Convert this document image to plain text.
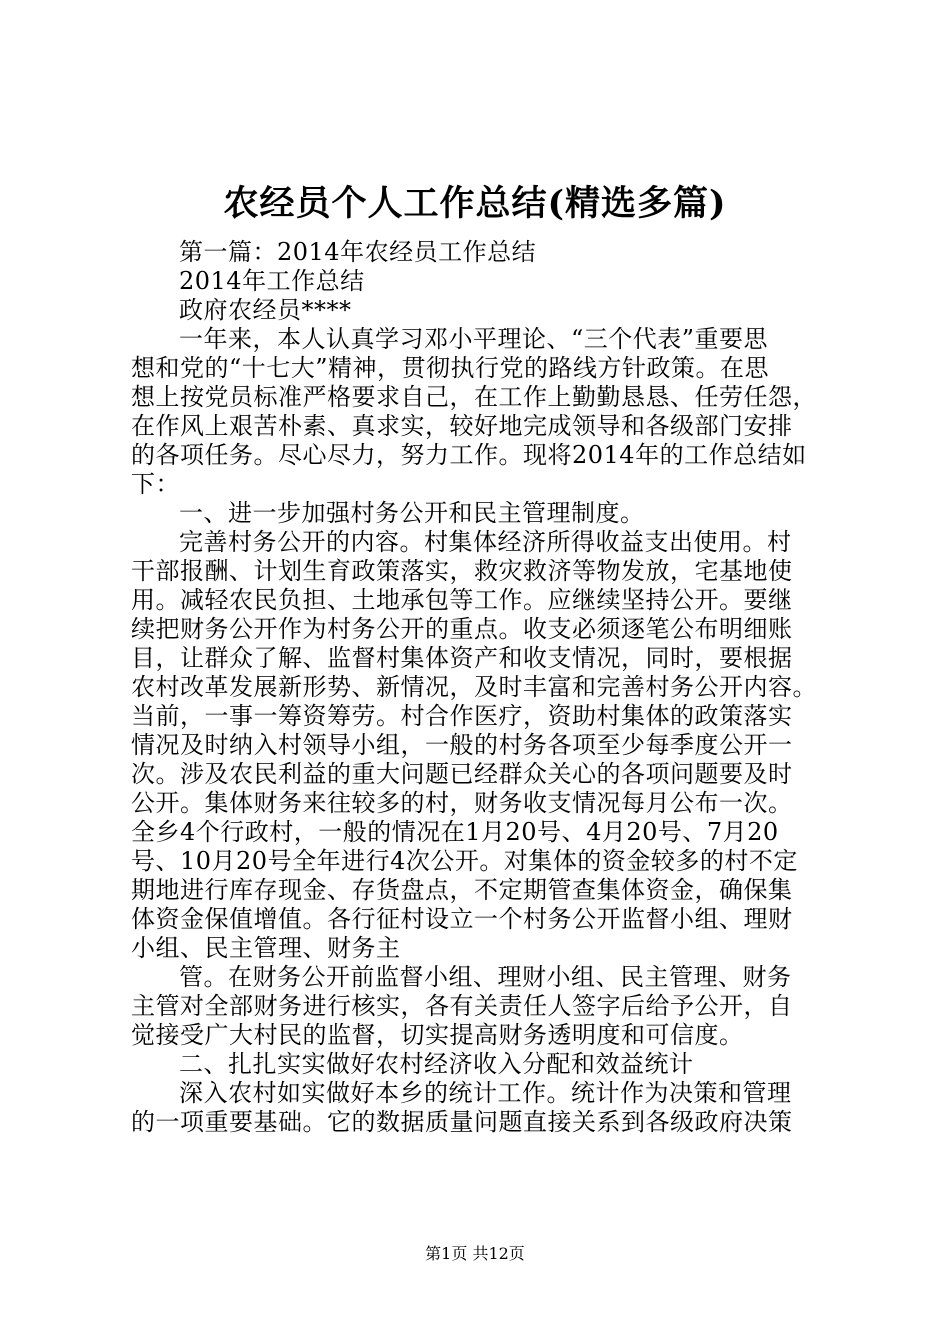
农经员个人工作总结(精选多篇)
第一篇：2014年农经员工作总结
2014年工作总结
政府农经员****
一年来，本人认真学习邓小平理论、“三个代表”重要思
想和党的“十七大”精神，贯彻执行党的路线方针政策。在思
想上按党员标准严格要求自己，在工作上勤勤恳恳、任劳任怨，
在作风上艰苦朴素、真求实，较好地完成领导和各级部门安排
的各项任务。尽心尽力，努力工作。现将2014年的工作总结如
下：
一、进一步加强村务公开和民主管理制度。
完善村务公开的内容。村集体经济所得收益支出使用。村
干部报酬、计划生育政策落实，救灾救济等物发放，宅基地使
用。减轻农民负担、土地承包等工作。应继续坚持公开。要继
续把财务公开作为村务公开的重点。收支必须逐笔公布明细账
目，让群众了解、监督村集体资产和收支情况，同时，要根据
农村改革发展新形势、新情况，及时丰富和完善村务公开内容。
当前，一事一筹资筹劳。村合作医疗，资助村集体的政策落实
情况及时纳入村领导小组，一般的村务各项至少每季度公开一
次。涉及农民利益的重大问题已经群众关心的各项问题要及时
公开。集体财务来往较多的村，财务收支情况每月公布一次。
全乡4个行政村，一般的情况在1月20号、4月20号、7月20
号、10月20号全年进行4次公开。对集体的资金较多的村不定
期地进行库存现金、存货盘点，不定期管查集体资金，确保集
体资金保值增值。各行征村设立一个村务公开监督小组、理财
小组、民主管理、财务主
管。在财务公开前监督小组、理财小组、民主管理、财务
主管对全部财务进行核实，各有关责任人签字后给予公开，自
觉接受广大村民的监督，切实提高财务透明度和可信度。
二、扎扎实实做好农村经济收入分配和效益统计
深入农村如实做好本乡的统计工作。统计作为决策和管理
的一项重要基础。它的数据质量问题直接关系到各级政府决策
第1页 共12页
